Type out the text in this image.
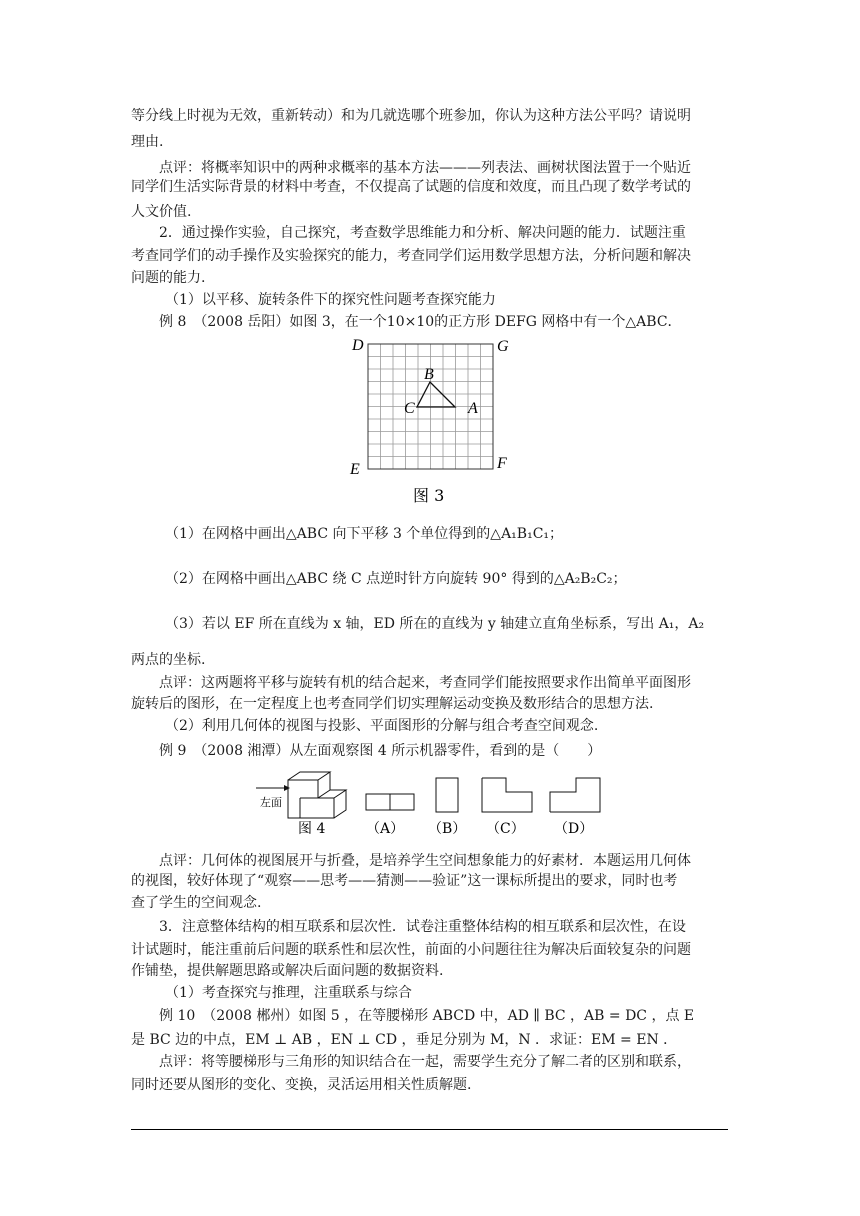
等分线上时视为无效，重新转动）和为几就选哪个班参加，你认为这种方法公平吗？请说明
理由.
点评：将概率知识中的两种求概率的基本方法———列表法、画树状图法置于一个贴近
同学们生活实际背景的材料中考查，不仅提高了试题的信度和效度，而且凸现了数学考试的
人文价值.
2．通过操作实验，自己探究，考查数学思维能力和分析、解决问题的能力．试题注重
考查同学们的动手操作及实验探究的能力，考查同学们运用数学思想方法，分析问题和解决
问题的能力.
（1）以平移、旋转条件下的探究性问题考查探究能力
例 8　（2008 岳阳）如图 3，在一个10×10的正方形 DEFG 网格中有一个△ABC．
D	G
E	F
B
C	A
图 3
（1）在网格中画出△ABC 向下平移 3 个单位得到的△A₁B₁C₁；
（2）在网格中画出△ABC 绕 C 点逆时针方向旋转 90° 得到的△A₂B₂C₂；
（3）若以 EF 所在直线为 x 轴，ED 所在的直线为 y 轴建立直角坐标系，写出 A₁，A₂
两点的坐标.
点评：这两题将平移与旋转有机的结合起来，考查同学们能按照要求作出简单平面图形
旋转后的图形，在一定程度上也考查同学们切实理解运动变换及数形结合的思想方法.
（2）利用几何体的视图与投影、平面图形的分解与组合考查空间观念.
例 9　（2008 湘潭）从左面观察图 4 所示机器零件，看到的是（　　）
左面
图 4	（A） （B） （C） （D）
点评：几何体的视图展开与折叠，是培养学生空间想象能力的好素材．本题运用几何体
的视图，较好体现了“观察——思考——猜测——验证”这一课标所提出的要求，同时也考
查了学生的空间观念.
3．注意整体结构的相互联系和层次性．试卷注重整体结构的相互联系和层次性，在设
计试题时，能注重前后问题的联系性和层次性，前面的小问题往往为解决后面较复杂的问题
作铺垫，提供解题思路或解决后面问题的数据资料.
（1）考查探究与推理，注重联系与综合
例 10　（2008 郴州）如图 5 ，在等腰梯形 ABCD 中，AD ∥ BC ，AB = DC ，点 E
是 BC 边的中点，EM ⊥ AB ，EN ⊥ CD ，垂足分别为 M，N ．求证：EM = EN ．
点评：将等腰梯形与三角形的知识结合在一起，需要学生充分了解二者的区别和联系，
同时还要从图形的变化、变换，灵活运用相关性质解题.
